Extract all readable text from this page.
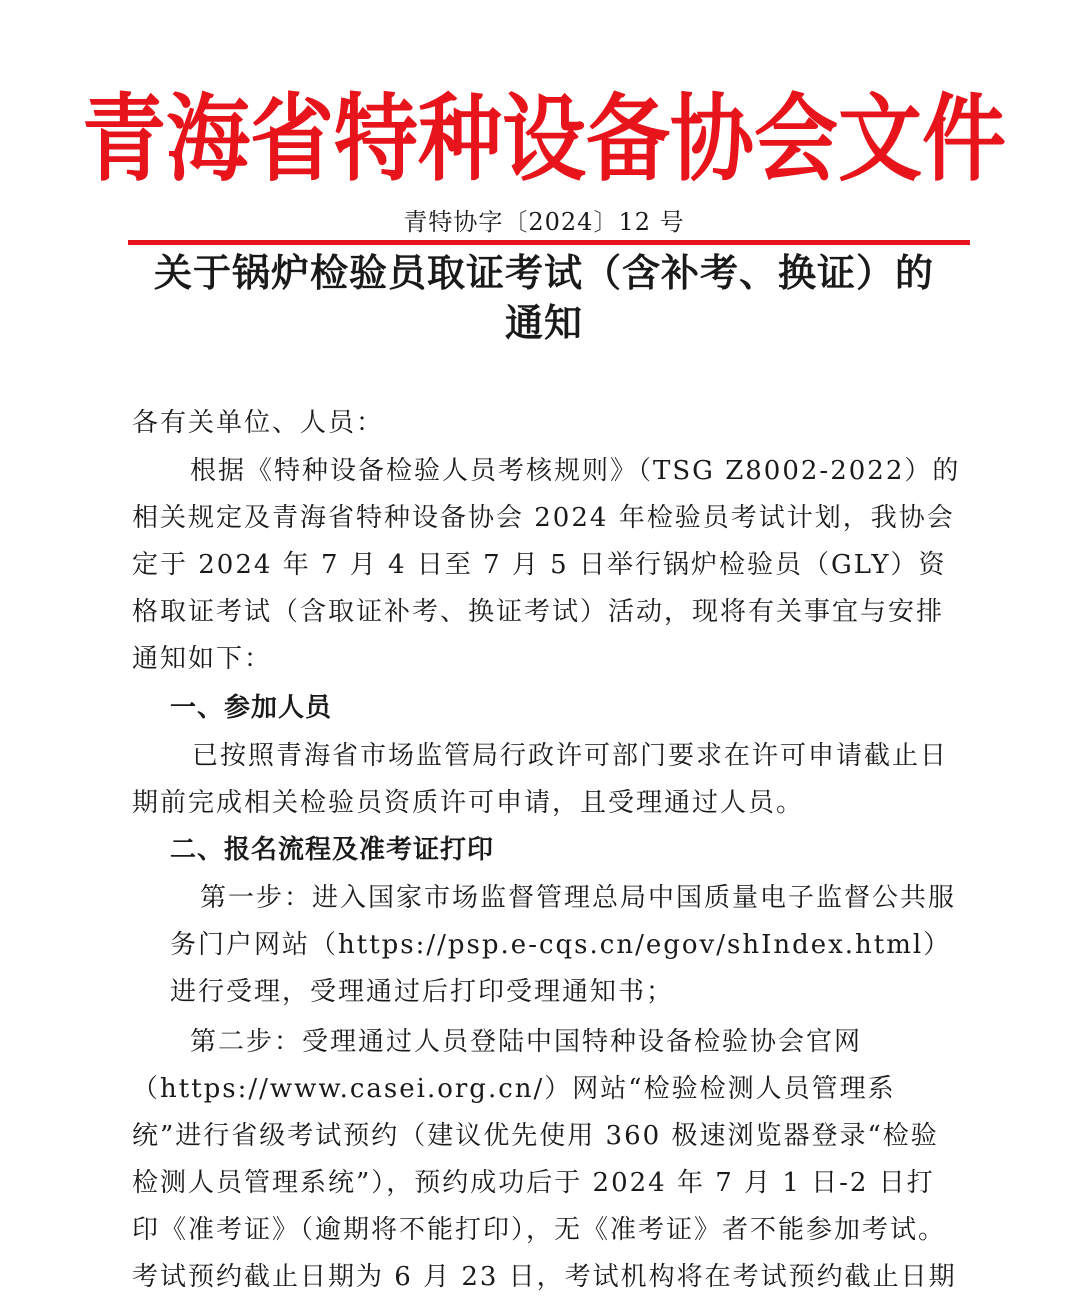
青海省特种设备协会文件
青特协字〔2024〕12 号
关于锅炉检验员取证考试（含补考、换证）的
通知

各有关单位、人员：

根据《特种设备检验人员考核规则》（TSG Z8002-2022）的相关规定及青海省特种设备协会 2024 年检验员考试计划，我协会定于 2024 年 7 月 4 日至 7 月 5 日举行锅炉检验员（GLY）资格取证考试（含取证补考、换证考试）活动，现将有关事宜与安排通知如下：

一、参加人员

已按照青海省市场监管局行政许可部门要求在许可申请截止日期前完成相关检验员资质许可申请，且受理通过人员。

二、报名流程及准考证打印

第一步：进入国家市场监督管理总局中国质量电子监督公共服务门户网站（https://psp.e-cqs.cn/egov/shIndex.html）进行受理，受理通过后打印受理通知书；

第二步：受理通过人员登陆中国特种设备检验协会官网（https://www.casei.org.cn/）网站“检验检测人员管理系统”进行省级考试预约（建议优先使用 360 极速浏览器登录“检验检测人员管理系统”），预约成功后于 2024 年 7 月 1 日-2 日打印《准考证》（逾期将不能打印），无《准考证》者不能参加考试。考试预约截止日期为 6 月 23 日，考试机构将在考试预约截止日期
